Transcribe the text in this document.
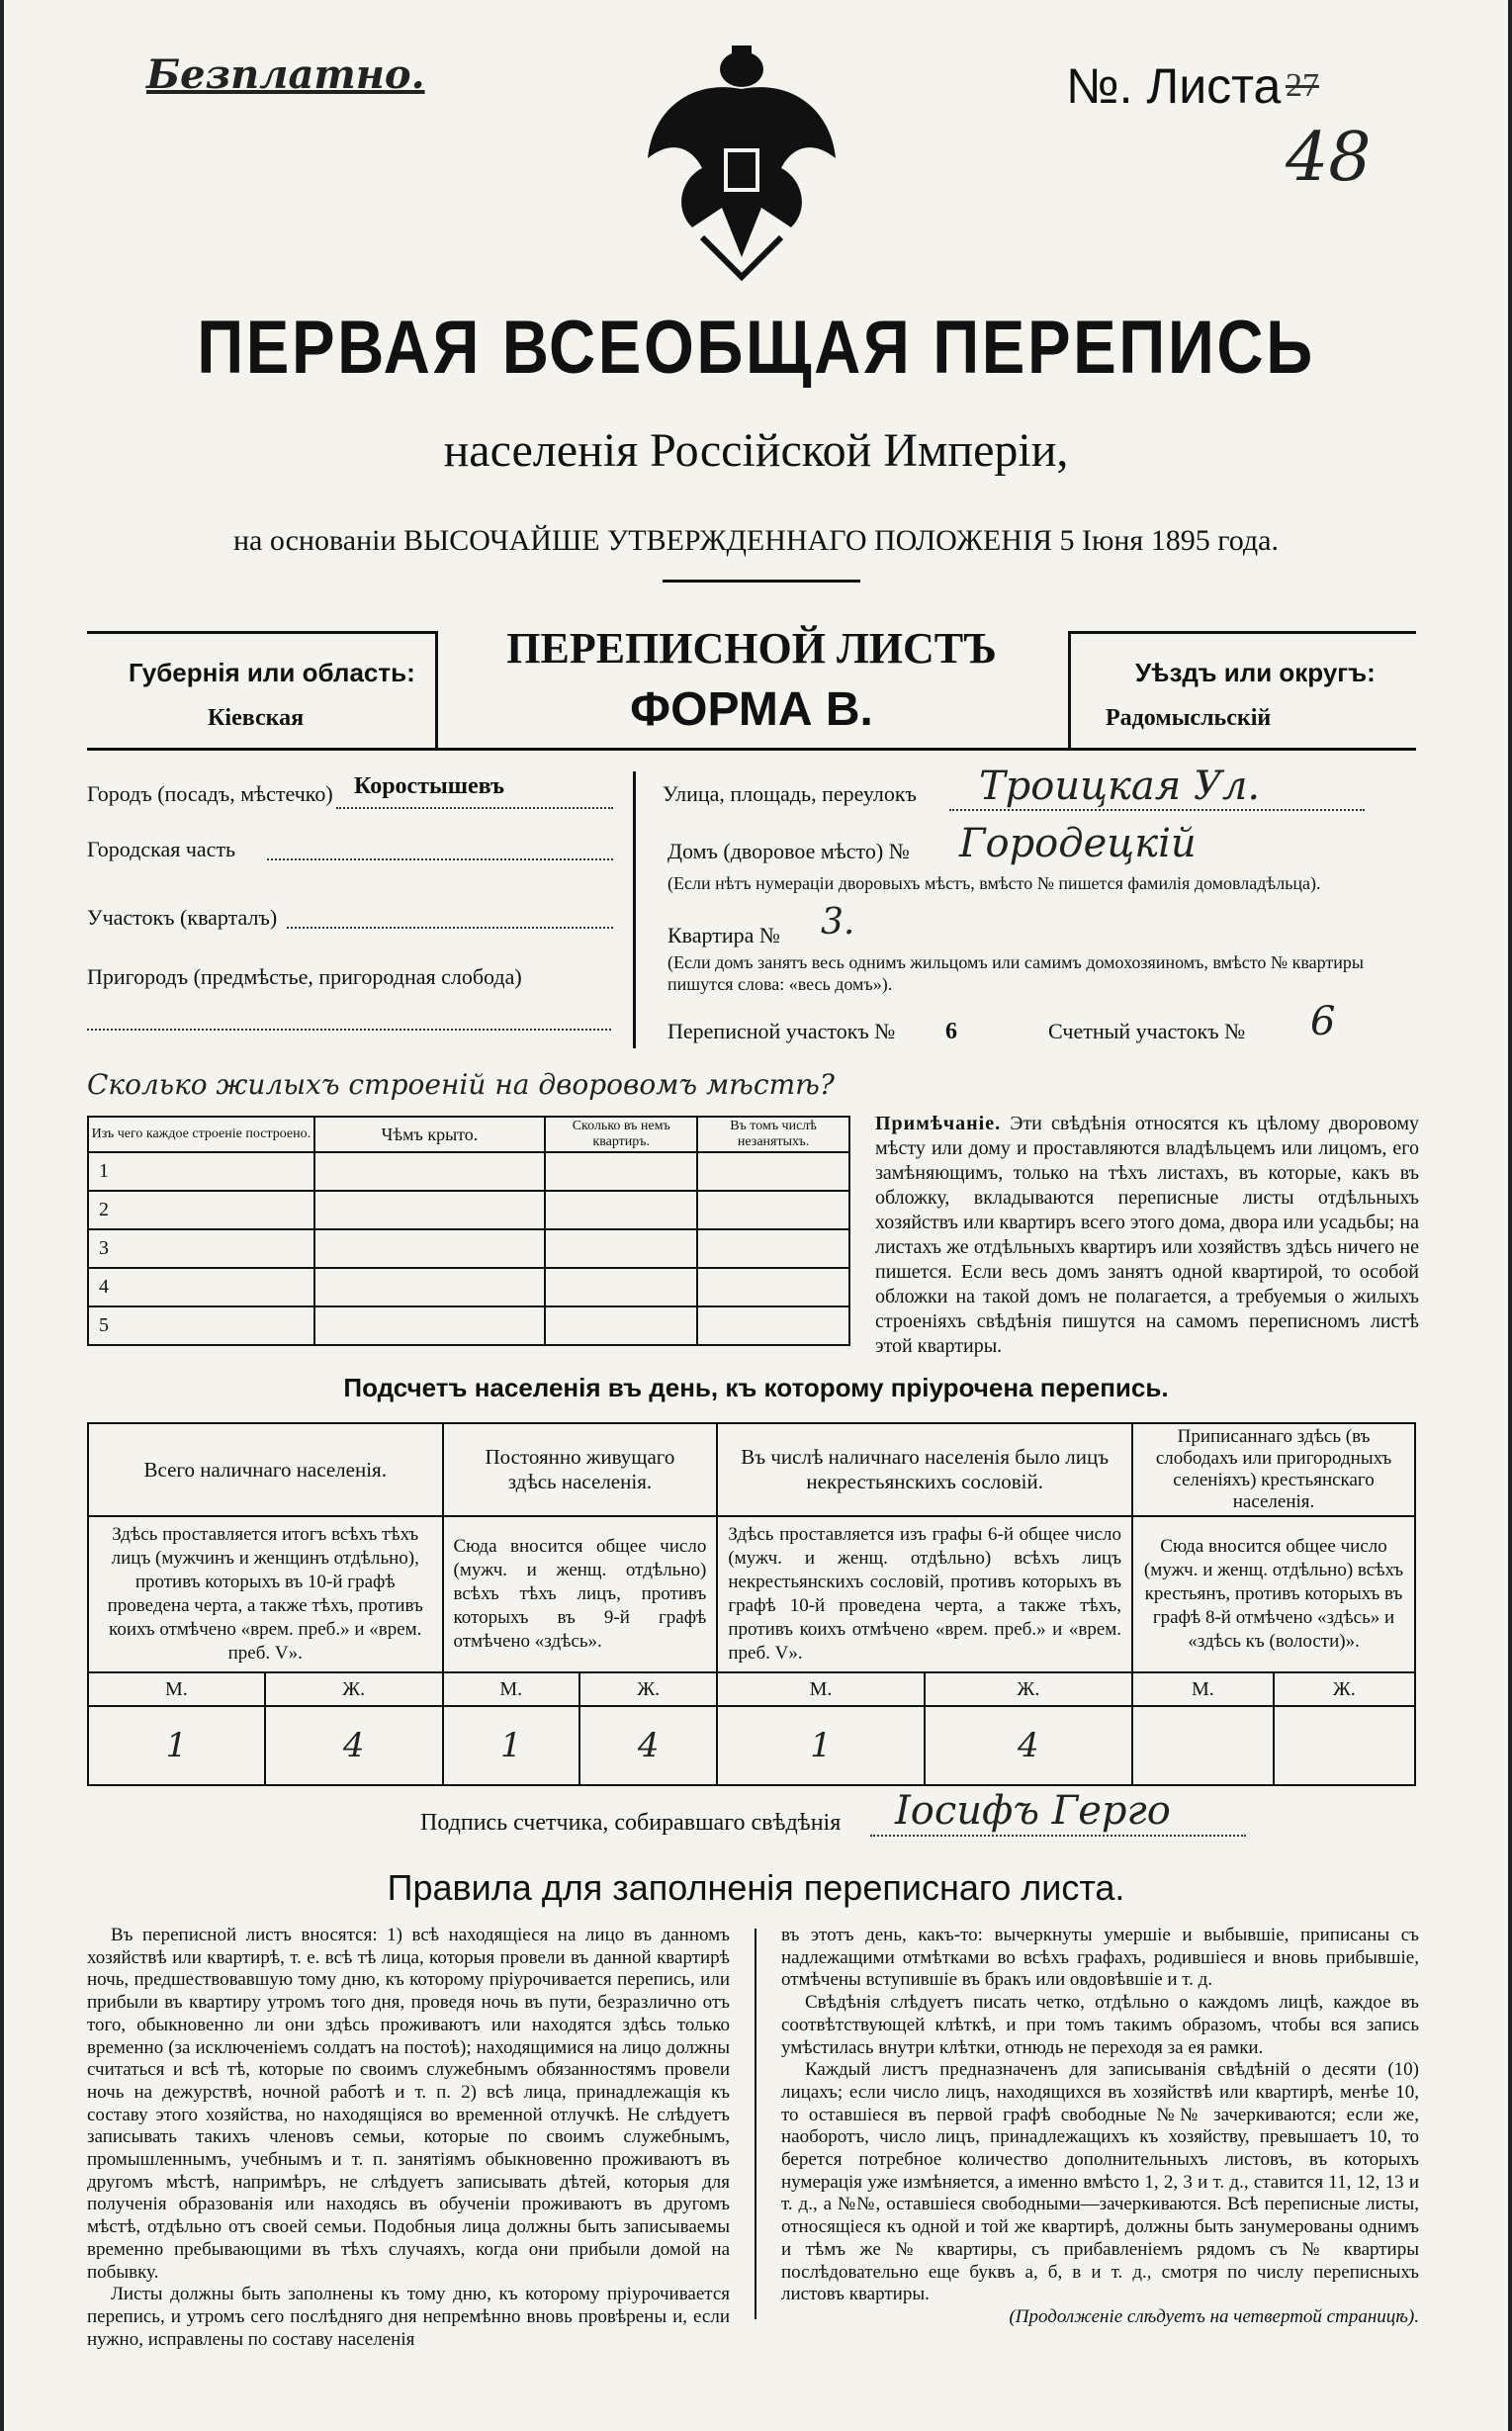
Безплатно.	№. Листа 27
48
ПЕРВАЯ ВСЕОБЩАЯ ПЕРЕПИСЬ
населенія Россійской Имперіи,
на основаніи ВЫСОЧАЙШЕ УТВЕРЖДЕННАГО ПОЛОЖЕНІЯ 5 Іюня 1895 года.
Губернія или область:
Кіевская
ПЕРЕПИСНОЙ ЛИСТЪ
ФОРМА В.
Уѣздъ или округъ:
Радомысльскій
Городъ (посадъ, мѣстечко) Коростышевъ
Городская часть
Участокъ (кварталъ)
Пригородъ (предмѣстье, пригородная слобода)
Улица, площадь, переулокъ Троицкая Ул.
Домъ (дворовое мѣсто) № Городецкій
(Если нѣтъ нумераціи дворовыхъ мѣстъ, вмѣсто № пишется фамилія домовладѣльца).
Квартира № 3.
(Если домъ занятъ весь однимъ жильцомъ или самимъ домохозяиномъ, вмѣсто № квартиры пишутся слова: «весь домъ»).
Переписной участокъ № 6	Счетный участокъ № 6
Сколько жилыхъ строеній на дворовомъ мѣстѣ?
Изъ чего каждое строеніе построено.	Чѣмъ крыто.	Сколько въ немъ квартиръ.	Въ томъ числѣ незанятыхъ.
1			
2			
3			
4			
5			
Примѣчаніе. Эти свѣдѣнія относятся къ цѣлому дворовому мѣсту или дому и проставляются владѣльцемъ или лицомъ, его замѣняющимъ, только на тѣхъ листахъ, въ которые, какъ въ обложку, вкладываются переписные листы отдѣльныхъ хозяйствъ или квартиръ всего этого дома, двора или усадьбы; на листахъ же отдѣльныхъ квартиръ или хозяйствъ здѣсь ничего не пишется. Если весь домъ занятъ одной квартирой, то особой обложки на такой домъ не полагается, а требуемыя о жилыхъ строеніяхъ свѣдѣнія пишутся на самомъ переписномъ листѣ этой квартиры.
Подсчетъ населенія въ день, къ которому пріурочена перепись.
Всего наличнаго населенія.		Постоянно живущаго здѣсь населенія.		Въ числѣ наличнаго населенія было лицъ некрестьянскихъ сословій.		Приписаннаго здѣсь (въ слободахъ или пригородныхъ селеніяхъ) крестьянскаго населенія.	
Здѣсь проставляется итогъ всѣхъ тѣхъ лицъ (мужчинъ и женщинъ отдѣльно), противъ которыхъ въ 10-й графѣ проведена черта, а также тѣхъ, противъ коихъ отмѣчено «врем. преб.» и «врем. преб. V».		Сюда вносится общее число (мужч. и женщ. отдѣльно) всѣхъ тѣхъ лицъ, противъ которыхъ въ 9-й графѣ отмѣчено «здѣсь».		Здѣсь проставляется изъ графы 6-й общее число (мужч. и женщ. отдѣльно) всѣхъ лицъ некрестьянскихъ сословій, противъ которыхъ въ графѣ 10-й проведена черта, а также тѣхъ, противъ коихъ отмѣчено «врем. преб.» и «врем. преб. V».		Сюда вносится общее число (мужч. и женщ. отдѣльно) всѣхъ крестьянъ, противъ которыхъ въ графѣ 8-й отмѣчено «здѣсь» и «здѣсь къ (волости)».	
М.	Ж.	М.	Ж.	М.	Ж.	М.	Ж.
1	4	1	4	1	4		
Подпись счетчика, собиравшаго свѣдѣнія Іосифъ Герго
Правила для заполненія переписнаго листа.
Въ переписной листъ вносятся: 1) всѣ находящіеся на лицо въ данномъ хозяйствѣ или квартирѣ, т. е. всѣ тѣ лица, которыя провели въ данной квартирѣ ночь, предшествовавшую тому дню, къ которому пріурочивается перепись, или прибыли въ квартиру утромъ того дня, проведя ночь въ пути, безразлично отъ того, обыкновенно ли они здѣсь проживаютъ или находятся здѣсь только временно (за исключеніемъ солдатъ на постоѣ); находящимися на лицо должны считаться и всѣ тѣ, которые по своимъ служебнымъ обязанностямъ провели ночь на дежурствѣ, ночной работѣ и т. п. 2) всѣ лица, принадлежащія къ составу этого хозяйства, но находящіяся во временной отлучкѣ. Не слѣдуетъ записывать такихъ членовъ семьи, которые по своимъ служебнымъ, промышленнымъ, учебнымъ и т. п. занятіямъ обыкновенно проживаютъ въ другомъ мѣстѣ, напримѣръ, не слѣдуетъ записывать дѣтей, которыя для полученія образованія или находясь въ обученіи проживаютъ въ другомъ мѣстѣ, отдѣльно отъ своей семьи. Подобныя лица должны быть записываемы временно пребывающими въ тѣхъ случаяхъ, когда они прибыли домой на побывку.
Листы должны быть заполнены къ тому дню, къ которому пріурочивается перепись, и утромъ сего послѣдняго дня непремѣнно вновь провѣрены и, если нужно, исправлены по составу населенія
въ этотъ день, какъ-то: вычеркнуты умершіе и выбывшіе, приписаны съ надлежащими отмѣтками во всѣхъ графахъ, родившіеся и вновь прибывшіе, отмѣчены вступившіе въ бракъ или овдовѣвшіе и т. д.
Свѣдѣнія слѣдуетъ писать четко, отдѣльно о каждомъ лицѣ, каждое въ соотвѣтствующей клѣткѣ, и при томъ такимъ образомъ, чтобы вся запись умѣстилась внутри клѣтки, отнюдь не переходя за ея рамки.
Каждый листъ предназначенъ для записыванія свѣдѣній о десяти (10) лицахъ; если число лицъ, находящихся въ хозяйствѣ или квартирѣ, менѣе 10, то оставшіеся въ первой графѣ свободные №№ зачеркиваются; если же, наоборотъ, число лицъ, принадлежащихъ къ хозяйству, превышаетъ 10, то берется потребное количество дополнительныхъ листовъ, въ которыхъ нумерація уже измѣняется, а именно вмѣсто 1, 2, 3 и т. д., ставится 11, 12, 13 и т. д., а №№, оставшіеся свободными—зачеркиваются. Всѣ переписные листы, относящіеся къ одной и той же квартирѣ, должны быть занумерованы однимъ и тѣмъ же № квартиры, съ прибавленіемъ рядомъ съ № квартиры послѣдовательно еще буквъ а, б, в и т. д., смотря по числу переписныхъ листовъ квартиры.
(Продолженіе слѣдуетъ на четвертой страницѣ).
